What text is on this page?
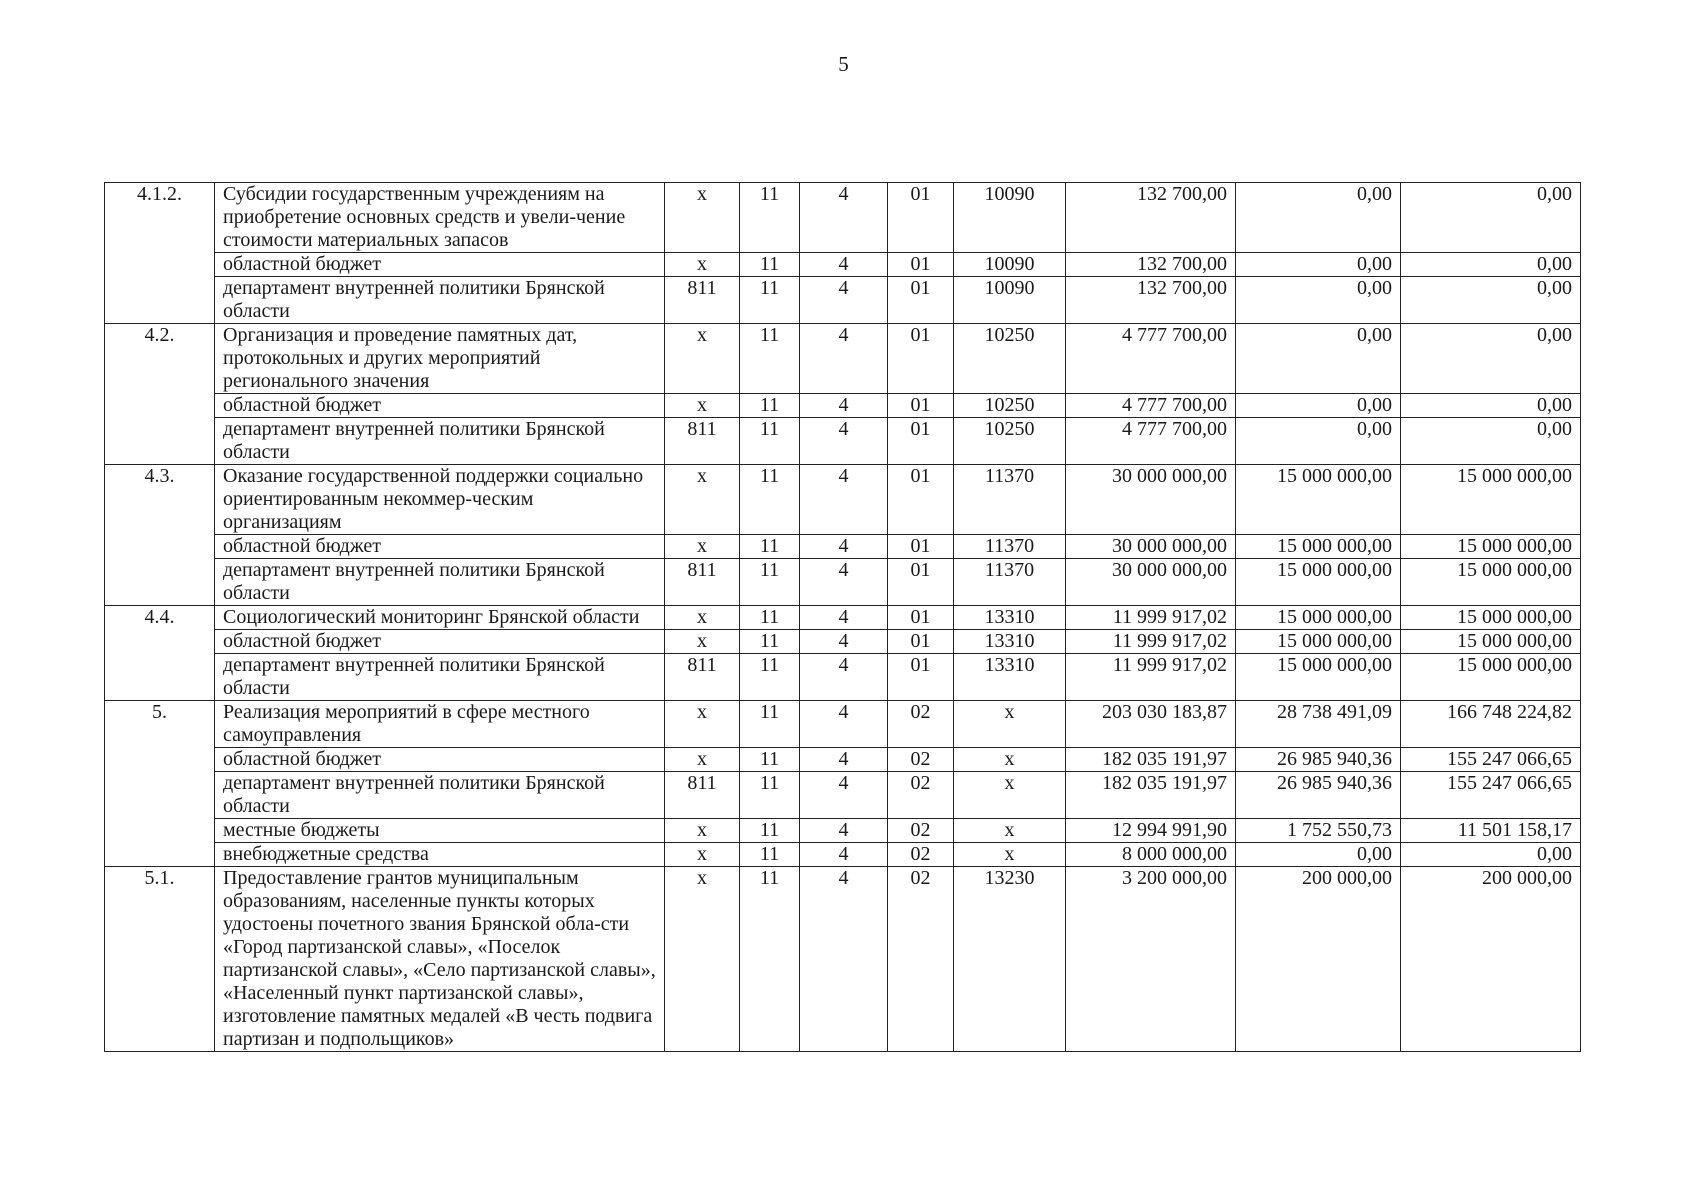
5
4.1.2.	Субсидии государственным учреждениям на приобретение основных средств и увели-чение стоимости материальных запасов	х	11	4	01	10090	132 700,00	0,00	0,00
	областной бюджет	х	11	4	01	10090	132 700,00	0,00	0,00
	департамент внутренней политики Брянской области	811	11	4	01	10090	132 700,00	0,00	0,00
4.2.	Организация и проведение памятных дат, протокольных и других мероприятий регионального значения	х	11	4	01	10250	4 777 700,00	0,00	0,00
	областной бюджет	х	11	4	01	10250	4 777 700,00	0,00	0,00
	департамент внутренней политики Брянской области	811	11	4	01	10250	4 777 700,00	0,00	0,00
4.3.	Оказание государственной поддержки социально ориентированным некоммер-ческим организациям	х	11	4	01	11370	30 000 000,00	15 000 000,00	15 000 000,00
	областной бюджет	х	11	4	01	11370	30 000 000,00	15 000 000,00	15 000 000,00
	департамент внутренней политики Брянской области	811	11	4	01	11370	30 000 000,00	15 000 000,00	15 000 000,00
4.4.	Социологический мониторинг Брянской области	х	11	4	01	13310	11 999 917,02	15 000 000,00	15 000 000,00
	областной бюджет	х	11	4	01	13310	11 999 917,02	15 000 000,00	15 000 000,00
	департамент внутренней политики Брянской области	811	11	4	01	13310	11 999 917,02	15 000 000,00	15 000 000,00
5.	Реализация мероприятий в сфере местного самоуправления	х	11	4	02	х	203 030 183,87	28 738 491,09	166 748 224,82
	областной бюджет	х	11	4	02	х	182 035 191,97	26 985 940,36	155 247 066,65
	департамент внутренней политики Брянской области	811	11	4	02	х	182 035 191,97	26 985 940,36	155 247 066,65
	местные бюджеты	х	11	4	02	х	12 994 991,90	1 752 550,73	11 501 158,17
	внебюджетные средства	х	11	4	02	х	8 000 000,00	0,00	0,00
5.1.	Предоставление грантов муниципальным образованиям, населенные пункты которых удостоены почетного звания Брянской обла-сти «Город партизанской славы», «Поселок партизанской славы», «Село партизанской славы», «Населенный пункт партизанской славы», изготовление памятных медалей «В честь подвига партизан и подпольщиков»	х	11	4	02	13230	3 200 000,00	200 000,00	200 000,00
